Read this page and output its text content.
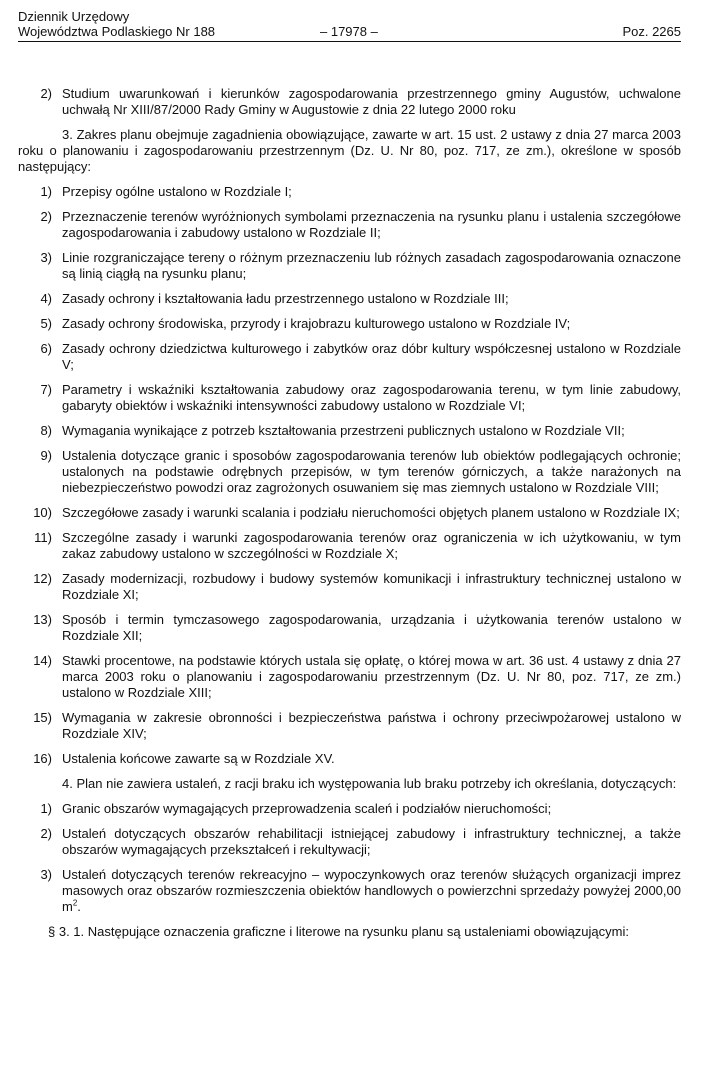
Dziennik Urzędowy
Województwa Podlaskiego Nr 188	– 17978 –	Poz. 2265
2) Studium uwarunkowań i kierunków zagospodarowania przestrzennego gminy Augustów, uchwalone uchwałą Nr XIII/87/2000 Rady Gminy w Augustowie z dnia 22 lutego 2000 roku
3. Zakres planu obejmuje zagadnienia obowiązujące, zawarte w art. 15 ust. 2 ustawy z dnia 27 marca 2003 roku o planowaniu i zagospodarowaniu przestrzennym (Dz. U. Nr 80, poz. 717, ze zm.), określone w sposób następujący:
1) Przepisy ogólne ustalono w Rozdziale I;
2) Przeznaczenie terenów wyróżnionych symbolami przeznaczenia na rysunku planu i ustalenia szczegółowe zagospodarowania i zabudowy ustalono w Rozdziale II;
3) Linie rozgraniczające tereny o różnym przeznaczeniu lub różnych zasadach zagospodarowania oznaczone są linią ciągłą na rysunku planu;
4) Zasady ochrony i kształtowania ładu przestrzennego ustalono w Rozdziale III;
5) Zasady ochrony środowiska, przyrody i krajobrazu kulturowego ustalono w Rozdziale IV;
6) Zasady ochrony dziedzictwa kulturowego i zabytków oraz dóbr kultury współczesnej ustalono w Rozdziale V;
7) Parametry i wskaźniki kształtowania zabudowy oraz zagospodarowania terenu, w tym linie zabudowy, gabaryty obiektów i wskaźniki intensywności zabudowy ustalono w Rozdziale VI;
8) Wymagania wynikające z potrzeb kształtowania przestrzeni publicznych ustalono w Rozdziale VII;
9) Ustalenia dotyczące granic i sposobów zagospodarowania terenów lub obiektów podlegających ochronie; ustalonych na podstawie odrębnych przepisów, w tym terenów górniczych, a także narażonych na niebezpieczeństwo powodzi oraz zagrożonych osuwaniem się mas ziemnych ustalono w Rozdziale VIII;
10) Szczegółowe zasady i warunki scalania i podziału nieruchomości objętych planem ustalono w Rozdziale IX;
11) Szczególne zasady i warunki zagospodarowania terenów oraz ograniczenia w ich użytkowaniu, w tym zakaz zabudowy ustalono w szczególności w Rozdziale X;
12) Zasady modernizacji, rozbudowy i budowy systemów komunikacji i infrastruktury technicznej ustalono w Rozdziale XI;
13) Sposób i termin tymczasowego zagospodarowania, urządzania i użytkowania terenów ustalono w Rozdziale XII;
14) Stawki procentowe, na podstawie których ustala się opłatę, o której mowa w art. 36 ust. 4 ustawy z dnia 27 marca 2003 roku o planowaniu i zagospodarowaniu przestrzennym (Dz. U. Nr 80, poz. 717, ze zm.) ustalono w Rozdziale XIII;
15) Wymagania w zakresie obronności i bezpieczeństwa państwa i ochrony przeciwpożarowej ustalono w Rozdziale XIV;
16) Ustalenia końcowe zawarte są w Rozdziale XV.
4. Plan nie zawiera ustaleń, z racji braku ich występowania lub braku potrzeby ich określania, dotyczących:
1) Granic obszarów wymagających przeprowadzenia scaleń i podziałów nieruchomości;
2) Ustaleń dotyczących obszarów rehabilitacji istniejącej zabudowy i infrastruktury technicznej, a także obszarów wymagających przekształceń i rekultywacji;
3) Ustaleń dotyczących terenów rekreacyjno – wypoczynkowych oraz terenów służących organizacji imprez masowych oraz obszarów rozmieszczenia obiektów handlowych o powierzchni sprzedaży powyżej 2000,00 $m^2$.
§ 3. 1. Następujące oznaczenia graficzne i literowe na rysunku planu są ustaleniami obowiązującymi:
